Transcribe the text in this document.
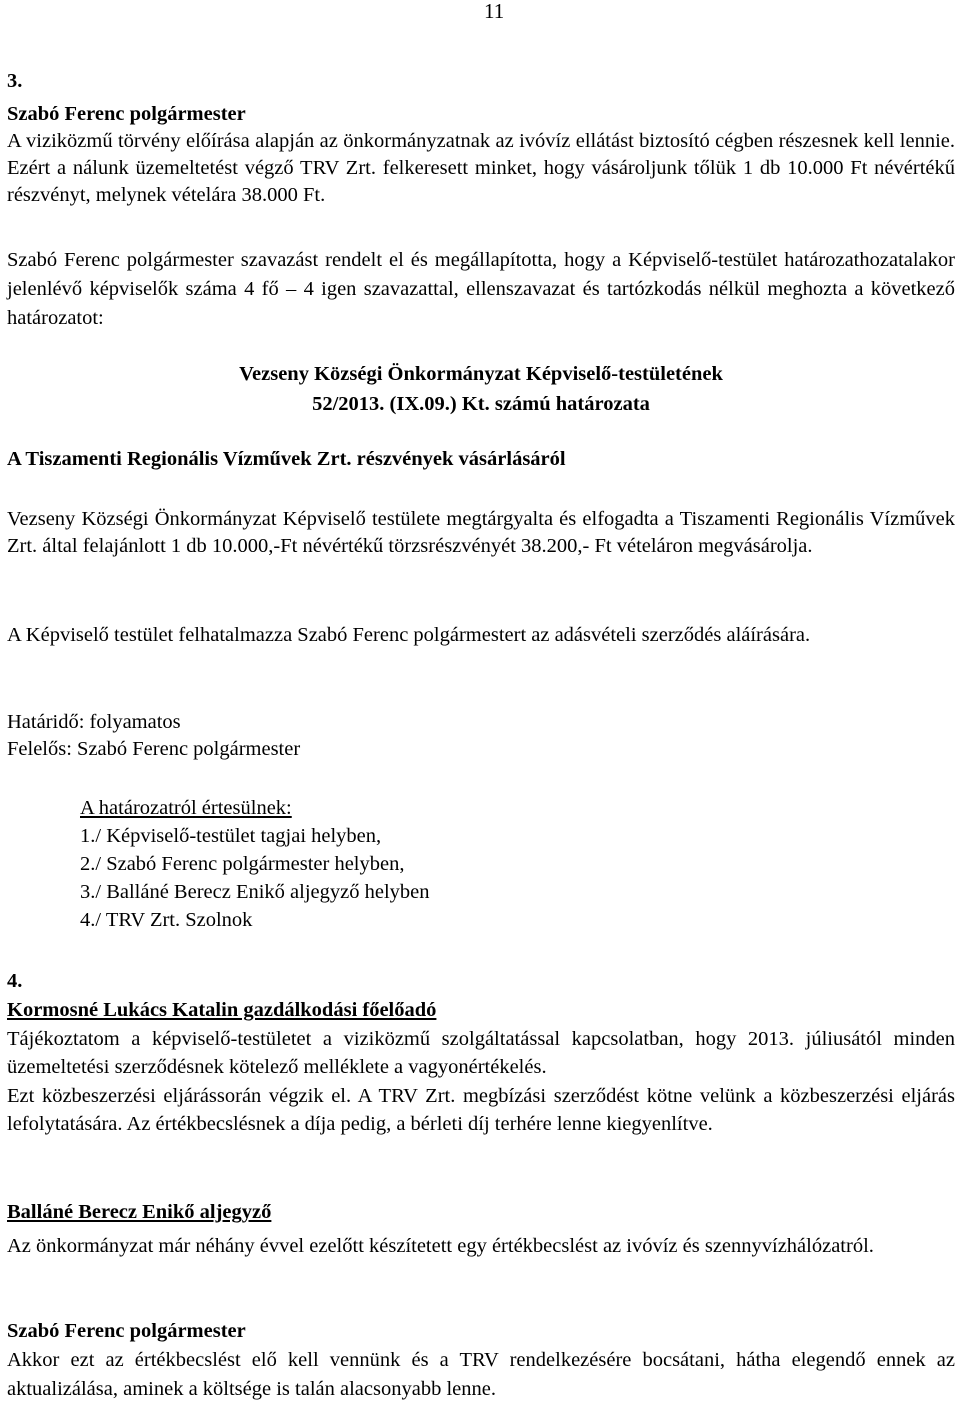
11
3.
Szabó Ferenc polgármester

A viziközmű törvény előírása alapján az önkormányzatnak az ivóvíz ellátást biztosító cégben részesnek kell lennie. Ezért a nálunk üzemeltetést végző TRV Zrt. felkeresett minket, hogy vásároljunk tőlük 1 db 10.000 Ft névértékű részvényt, melynek vételára 38.000 Ft.

Szabó Ferenc polgármester szavazást rendelt el és megállapította, hogy a Képviselő-testület határozathozatalakor jelenlévő képviselők száma 4 fő – 4 igen szavazattal, ellenszavazat és tartózkodás nélkül meghozta a következő határozatot:

Vezseny Községi Önkormányzat Képviselő-testületének
52/2013. (IX.09.) Kt. számú határozata
A Tiszamenti Regionális Vízművek Zrt. részvények vásárlásáról

Vezseny Községi Önkormányzat Képviselő testülete megtárgyalta és elfogadta a Tiszamenti Regionális Vízművek Zrt. által felajánlott 1 db 10.000,-Ft névértékű törzsrészvényét 38.200,- Ft vételáron megvásárolja.

A Képviselő testület felhatalmazza Szabó Ferenc polgármestert az adásvételi szerződés aláírására.

Határidő: folyamatos
Felelős: Szabó Ferenc polgármester
A határozatról értesülnek:
1./ Képviselő-testület tagjai helyben,
2./ Szabó Ferenc polgármester helyben,
3./ Balláné Berecz Enikő aljegyző helyben
4./ TRV Zrt. Szolnok
4.
Kormosné Lukács Katalin gazdálkodási főelőadó

Tájékoztatom a képviselő-testületet a viziközmű szolgáltatással kapcsolatban, hogy 2013. júliusától minden üzemeltetési szerződésnek kötelező melléklete a vagyonértékelés.

Ezt közbeszerzési eljárássorán végzik el. A TRV Zrt. megbízási szerződést kötne velünk a közbeszerzési eljárás lefolytatására. Az értékbecslésnek a díja pedig, a bérleti díj terhére lenne kiegyenlítve.

Balláné Berecz Enikő aljegyző

Az önkormányzat már néhány évvel ezelőtt készítetett egy értékbecslést az ivóvíz és szennyvízhálózatról.

Szabó Ferenc polgármester

Akkor ezt az értékbecslést elő kell vennünk és a TRV rendelkezésére bocsátani, hátha elegendő ennek az aktualizálása, aminek a költsége is talán alacsonyabb lenne.
